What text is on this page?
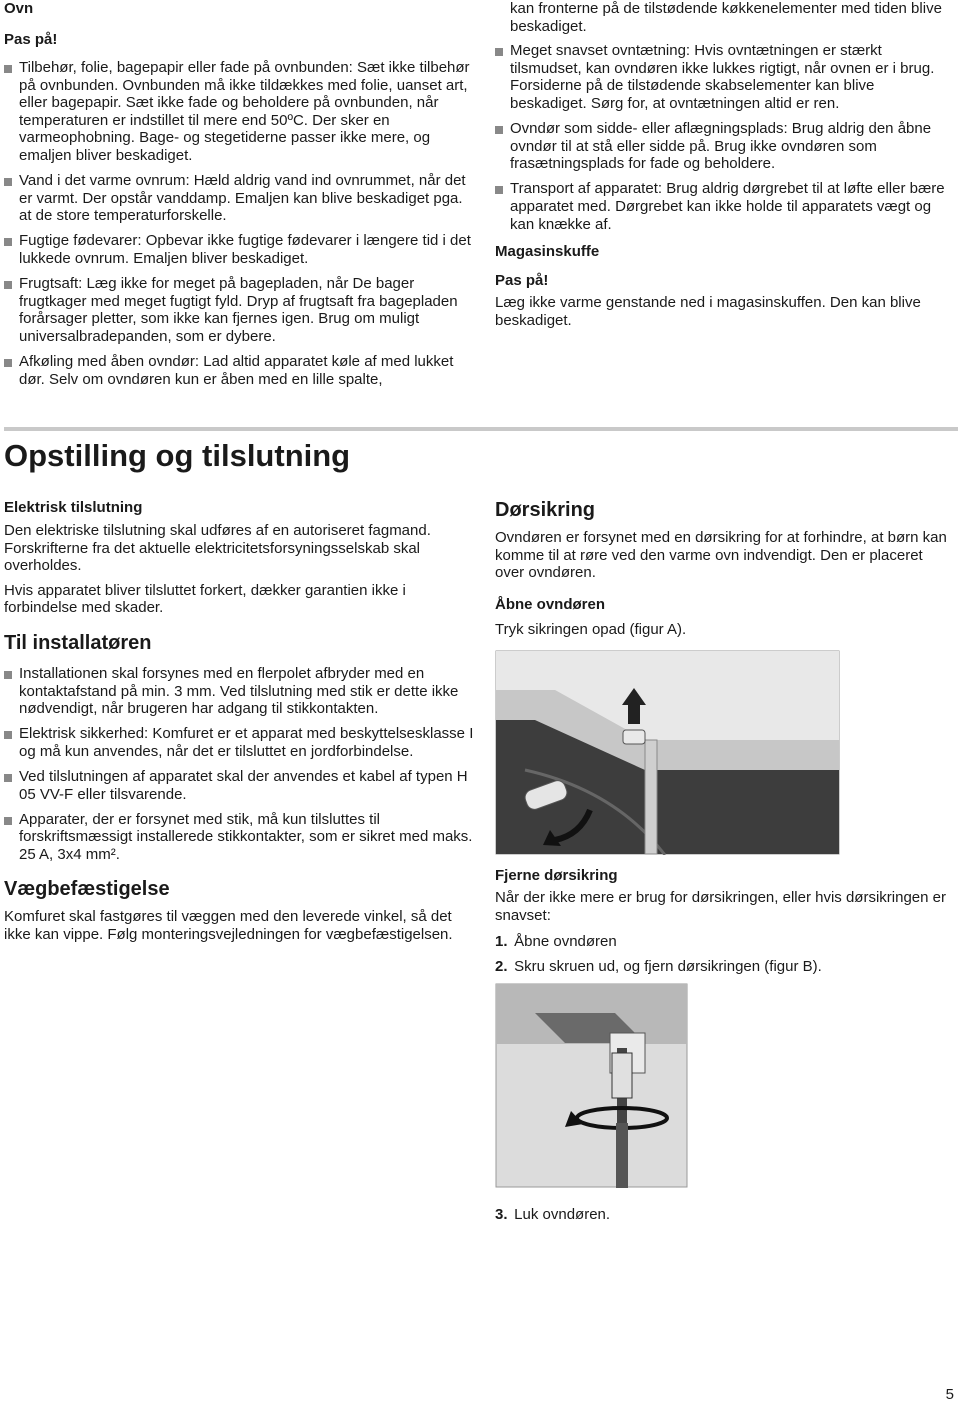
Ovn

Pas på!

Tilbehør, folie, bagepapir eller fade på ovnbunden: Sæt ikke tilbehør på ovnbunden. Ovnbunden må ikke tildækkes med folie, uanset art, eller bagepapir. Sæt ikke fade og beholdere på ovnbunden, når temperaturen er indstillet til mere end 50ºC. Der sker en varmeophobning. Bage- og stegetiderne passer ikke mere, og emaljen bliver beskadiget.
Vand i det varme ovnrum: Hæld aldrig vand ind ovnrummet, når det er varmt. Der opstår vanddamp. Emaljen kan blive beskadiget pga. at de store temperaturforskelle.
Fugtige fødevarer: Opbevar ikke fugtige fødevarer i længere tid i det lukkede ovnrum. Emaljen bliver beskadiget.
Frugtsaft: Læg ikke for meget på bagepladen, når De bager frugtkager med meget fugtigt fyld. Dryp af frugtsaft fra bagepladen forårsager pletter, som ikke kan fjernes igen. Brug om muligt universalbradepanden, som er dybere.
Afkøling med åben ovndør: Lad altid apparatet køle af med lukket dør. Selv om ovndøren kun er åben med en lille spalte,

kan fronterne på de tilstødende køkkenelementer med tiden blive beskadiget.

Meget snavset ovntætning: Hvis ovntætningen er stærkt tilsmudset, kan ovndøren ikke lukkes rigtigt, når ovnen er i brug. Forsiderne på de tilstødende skabselementer kan blive beskadiget. Sørg for, at ovntætningen altid er ren.
Ovndør som sidde- eller aflægningsplads: Brug aldrig den åbne ovndør til at stå eller sidde på. Brug ikke ovndøren som frasætningsplads for fade og beholdere.
Transport af apparatet: Brug aldrig dørgrebet til at løfte eller bære apparatet med. Dørgrebet kan ikke holde til apparatets vægt og kan knække af.

Magasinskuffe

Pas på!

Læg ikke varme genstande ned i magasinskuffen. Den kan blive beskadiget.

Opstilling og tilslutning

Elektrisk tilslutning

Den elektriske tilslutning skal udføres af en autoriseret fagmand. Forskrifterne fra det aktuelle elektricitetsforsyningsselskab skal overholdes.

Hvis apparatet bliver tilsluttet forkert, dækker garantien ikke i forbindelse med skader.

Til installatøren

Installationen skal forsynes med en flerpolet afbryder med en kontaktafstand på min. 3 mm. Ved tilslutning med stik er dette ikke nødvendigt, når brugeren har adgang til stikkontakten.
Elektrisk sikkerhed: Komfuret er et apparat med beskyttelsesklasse I og må kun anvendes, når det er tilsluttet en jordforbindelse.
Ved tilslutningen af apparatet skal der anvendes et kabel af typen H 05 VV-F eller tilsvarende.
Apparater, der er forsynet med stik, må kun tilsluttes til forskriftsmæssigt installerede stikkontakter, som er sikret med maks. 25 A, 3x4 mm².

Vægbefæstigelse

Komfuret skal fastgøres til væggen med den leverede vinkel, så det ikke kan vippe. Følg monteringsvejledningen for vægbefæstigelsen.

Dørsikring

Ovndøren er forsynet med en dørsikring for at forhindre, at børn kan komme til at røre ved den varme ovn indvendigt. Den er placeret over ovndøren.

Åbne ovndøren

Tryk sikringen opad (figur A).

Fjerne dørsikring

Når der ikke mere er brug for dørsikringen, eller hvis dørsikringen er snavset:

1. Åbne ovndøren
2. Skru skruen ud, og fjern dørsikringen (figur B).
3. Luk ovndøren.
5
